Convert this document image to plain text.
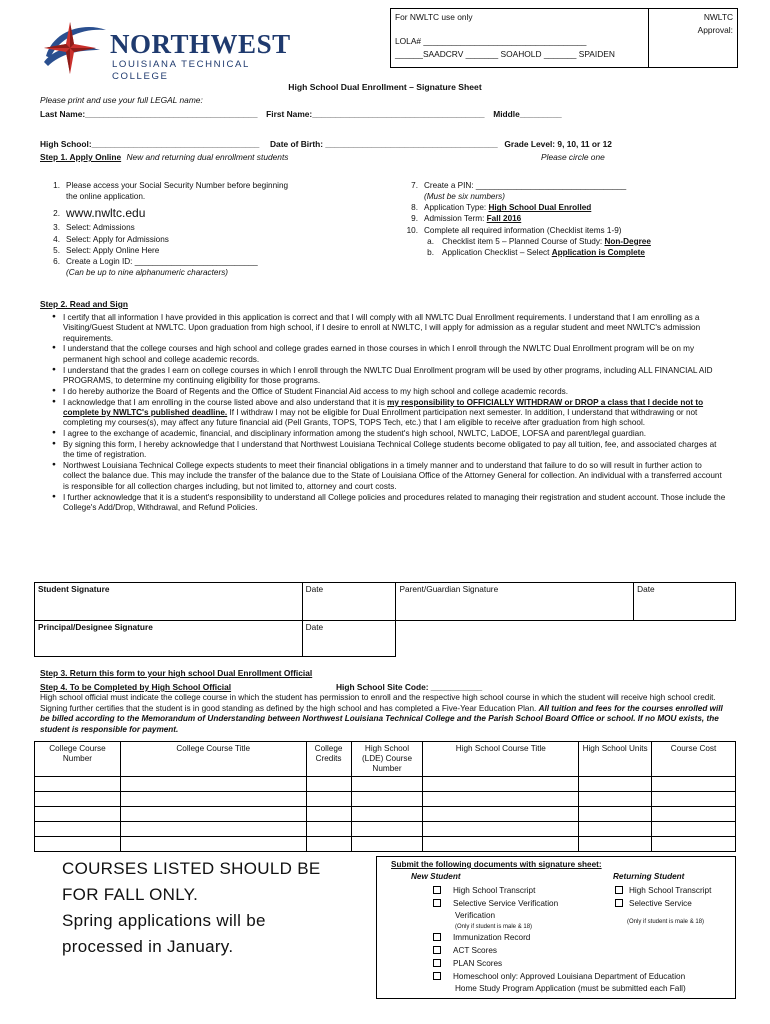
For NWLTC use only
LOLA# ___________________________________
______SAADCRV _______ SOAHOLD _______ SPAIDEN
NWLTC
Approval:
NORTHWEST
LOUISIANA TECHNICAL COLLEGE
High School Dual Enrollment – Signature Sheet
Please print and use your full LEGAL name:
Last Name:_____________________________________ First Name:_____________________________________ Middle_________
High School:____________________________________ Date of Birth: _____________________________________ Grade Level: 9, 10, 11 or 12
Step 1. Apply Online New and returning dual enrollment students	Please circle one
1. Please access your Social Security Number before beginning
the online application.
2. www.nwltc.edu
3. Select: Admissions
4. Select: Apply for Admissions
5. Select: Apply Online Here
6. Create a Login ID: ___________________________
(Can be up to nine alphanumeric characters)
7. Create a PIN: _________________________________
(Must be six numbers)
8. Application Type: High School Dual Enrolled
9. Admission Term: Fall 2016
10. Complete all required information (Checklist items 1-9)
a. Checklist item 5 – Planned Course of Study: Non-Degree
b. Application Checklist – Select Application is Complete
Step 2. Read and Sign
● I certify that all information I have provided in this application is correct and that I will comply with all NWLTC Dual Enrollment requirements. I understand that I am enrolling as a Visiting/Guest Student at NWLTC. Upon graduation from high school, if I desire to enroll at NWLTC, I will apply for admission as a regular student and meet NWLTC's admission requirements.
● I understand that the college courses and high school and college grades earned in those courses in which I enroll through the NWLTC Dual Enrollment program will be on my permanent high school and college academic records.
● I understand that the grades I earn on college courses in which I enroll through the NWLTC Dual Enrollment program will be used by other programs, including ALL FINANCIAL AID PROGRAMS, to determine my continuing eligibility for those programs.
● I do hereby authorize the Board of Regents and the Office of Student Financial Aid access to my high school and college academic records.
● I acknowledge that I am enrolling in the course listed above and also understand that it is my responsibility to OFFICIALLY WITHDRAW or DROP a class that I decide not to complete by NWLTC's published deadline. If I withdraw I may not be eligible for Dual Enrollment participation next semester. In addition, I understand that withdrawing or not completing my courses(s), may affect any future financial aid (Pell Grants, TOPS, TOPS Tech, etc.) that I am eligible to receive after graduation from high school.
● I agree to the exchange of academic, financial, and disciplinary information among the student's high school, NWLTC, LaDOE, LOFSA and parent/legal guardian.
● By signing this form, I hereby acknowledge that I understand that Northwest Louisiana Technical College students become obligated to pay all tuition, fee, and associated charges at the time of registration.
● Northwest Louisiana Technical College expects students to meet their financial obligations in a timely manner and to understand that failure to do so will result in further action to collect the balance due. This may include the transfer of the balance due to the State of Louisiana Office of the Attorney General for collection. An individual with a transferred account is responsible for all collection charges including, but not limited to, attorney and court costs.
● I further acknowledge that it is a student's responsibility to understand all College policies and procedures related to managing their registration and student account. Those include the College's Add/Drop, Withdrawal, and Refund Policies.
Student Signature	Date	Parent/Guardian Signature	Date
Principal/Designee Signature	Date		
Step 3. Return this form to your high school Dual Enrollment Official
Step 4. To be Completed by High School Official	High School Site Code: ___________
High school official must indicate the college course in which the student has permission to enroll and the respective high school course in which the student will receive high school credit. Signing further certifies that the student is in good standing as defined by the high school and has completed a Five-Year Education Plan. All tuition and fees for the courses enrolled will be billed according to the Memorandum of Understanding between Northwest Louisiana Technical College and the Parish School Board Office or school. If no MOU exists, the student is responsible for payment.
College Course Number	College Course Title	College Credits	High School (LDE) Course Number	High School Course Title	High School Units	Course Cost

COURSES LISTED SHOULD BE
FOR FALL ONLY.
Spring applications will be
processed in January.
Submit the following documents with signature sheet:
New Student	Returning Student
High School Transcript
Selective Service Verification
Verification
(Only if student is male & 18)
Immunization Record
ACT Scores
PLAN Scores
Homeschool only: Approved Louisiana Department of Education
Home Study Program Application (must be submitted each Fall)
High School Transcript
Selective Service
(Only if student is male & 18)
